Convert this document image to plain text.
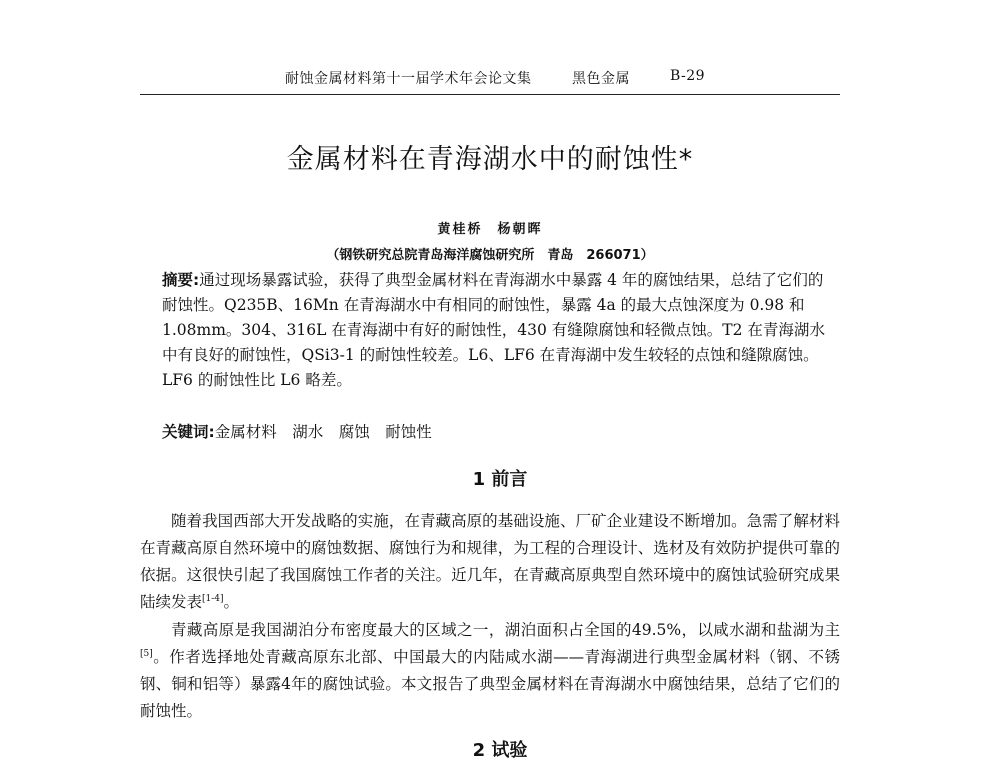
耐蚀金属材料第十一届学术年会论文集	黑色金属	B-29
金属材料在青海湖水中的耐蚀性*
黄桂桥　杨朝晖
（钢铁研究总院青岛海洋腐蚀研究所　青岛　266071）
摘要:通过现场暴露试验，获得了典型金属材料在青海湖水中暴露 4 年的腐蚀结果，总结了它们的耐蚀性。Q235B、16Mn 在青海湖水中有相同的耐蚀性，暴露 4a 的最大点蚀深度为 0.98 和 1.08mm。304、316L 在青海湖中有好的耐蚀性，430 有缝隙腐蚀和轻微点蚀。T2 在青海湖水中有良好的耐蚀性，QSi3-1 的耐蚀性较差。L6、LF6 在青海湖中发生较轻的点蚀和缝隙腐蚀。LF6 的耐蚀性比 L6 略差。
关键词:金属材料　湖水　腐蚀　耐蚀性
1 前言
随着我国西部大开发战略的实施，在青藏高原的基础设施、厂矿企业建设不断增加。急需了解材料在青藏高原自然环境中的腐蚀数据、腐蚀行为和规律，为工程的合理设计、选材及有效防护提供可靠的依据。这很快引起了我国腐蚀工作者的关注。近几年，在青藏高原典型自然环境中的腐蚀试验研究成果陆续发表[1-4]。
青藏高原是我国湖泊分布密度最大的区域之一，湖泊面积占全国的49.5%，以咸水湖和盐湖为主[5]。作者选择地处青藏高原东北部、中国最大的内陆咸水湖——青海湖进行典型金属材料（钢、不锈钢、铜和铝等）暴露4年的腐蚀试验。本文报告了典型金属材料在青海湖水中腐蚀结果，总结了它们的耐蚀性。
2 试验
